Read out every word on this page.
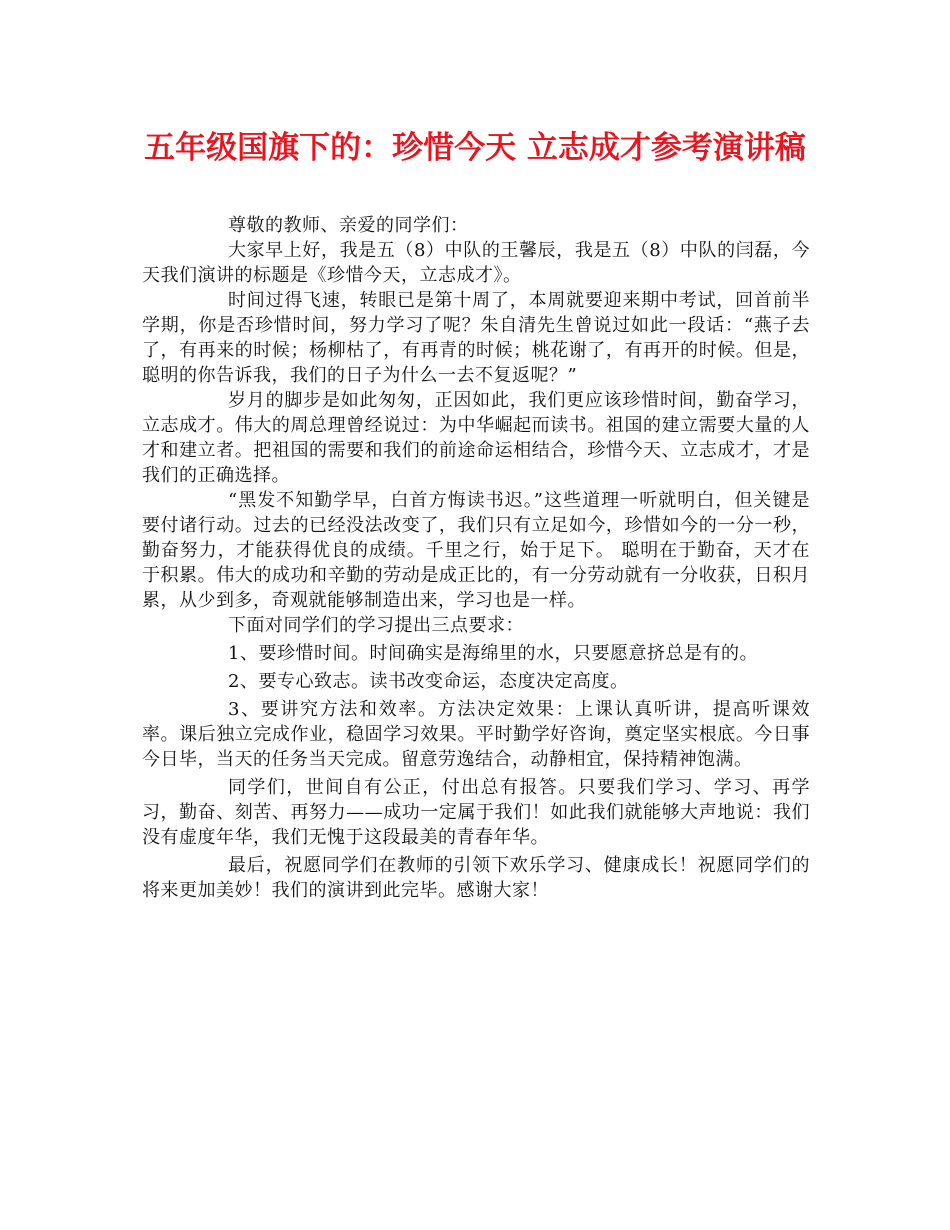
五年级国旗下的：珍惜今天 立志成才参考演讲稿

尊敬的教师、亲爱的同学们：

大家早上好，我是五（8）中队的王馨辰，我是五（8）中队的闫磊，今天我们演讲的标题是《珍惜今天，立志成才》。

时间过得飞速，转眼已是第十周了，本周就要迎来期中考试，回首前半学期，你是否珍惜时间，努力学习了呢？朱自清先生曾说过如此一段话：“燕子去了，有再来的时候；杨柳枯了，有再青的时候；桃花谢了，有再开的时候。但是，聪明的你告诉我，我们的日子为什么一去不复返呢？”

岁月的脚步是如此匆匆，正因如此，我们更应该珍惜时间，勤奋学习，立志成才。伟大的周总理曾经说过：为中华崛起而读书。祖国的建立需要大量的人才和建立者。把祖国的需要和我们的前途命运相结合，珍惜今天、立志成才，才是我们的正确选择。

“黑发不知勤学早，白首方悔读书迟。”这些道理一听就明白，但关键是要付诸行动。过去的已经没法改变了，我们只有立足如今，珍惜如今的一分一秒，勤奋努力，才能获得优良的成绩。千里之行，始于足下。 聪明在于勤奋，天才在于积累。伟大的成功和辛勤的劳动是成正比的，有一分劳动就有一分收获，日积月累，从少到多，奇观就能够制造出来，学习也是一样。

下面对同学们的学习提出三点要求：

1、要珍惜时间。时间确实是海绵里的水，只要愿意挤总是有的。

2、要专心致志。读书改变命运，态度决定高度。

3、要讲究方法和效率。方法决定效果：上课认真听讲，提高听课效率。课后独立完成作业，稳固学习效果。平时勤学好咨询，奠定坚实根底。今日事今日毕，当天的任务当天完成。留意劳逸结合，动静相宜，保持精神饱满。

同学们，世间自有公正，付出总有报答。只要我们学习、学习、再学习，勤奋、刻苦、再努力——成功一定属于我们！如此我们就能够大声地说：我们没有虚度年华，我们无愧于这段最美的青春年华。

最后，祝愿同学们在教师的引领下欢乐学习、健康成长！祝愿同学们的将来更加美妙！我们的演讲到此完毕。感谢大家！
